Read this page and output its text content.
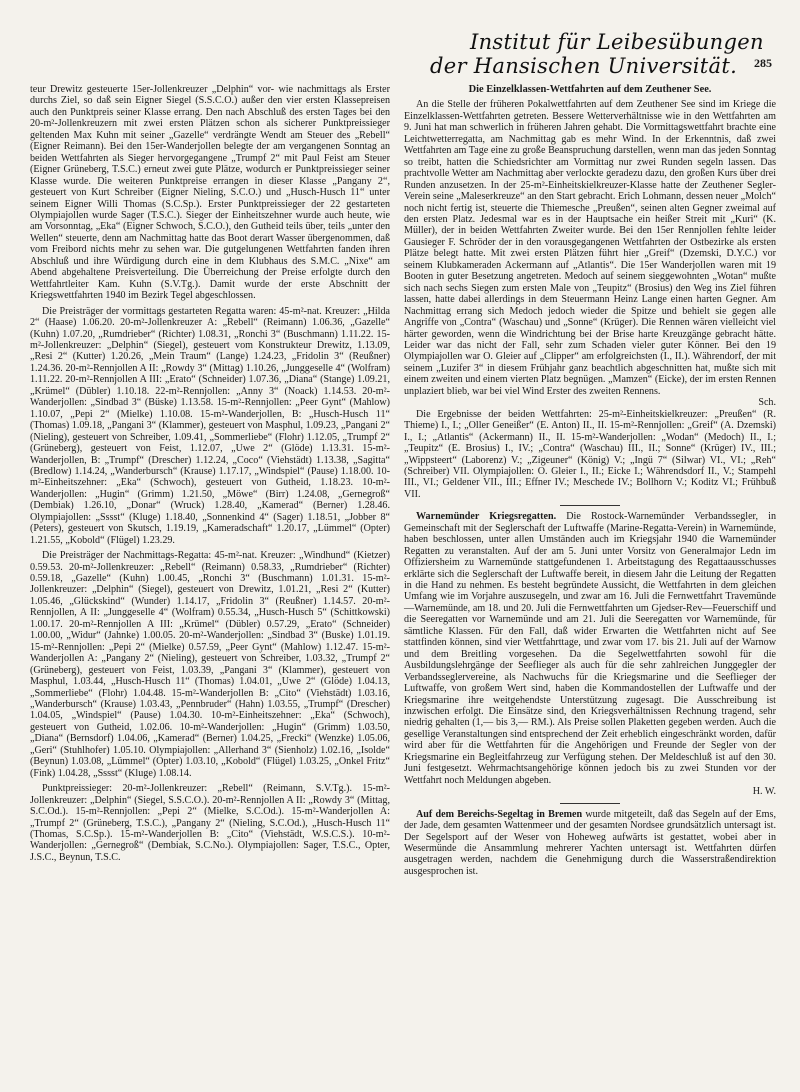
Institut für Leibesübungen
der Hansischen Universität. 285

teur Drewitz gesteuerte 15er-Jollenkreuzer „Delphin“ vor- wie nachmittags als Erster durchs Ziel, so daß sein Eigner Siegel (S.S.C.O.) außer den vier ersten Klassepreisen auch den Punktpreis seiner Klasse errang. Den nach Abschluß des ersten Tages bei den 20-m²-Jollenkreuzern mit zwei ersten Plätzen schon als sicherer Punktpreissieger geltenden Max Kuhn mit seiner „Gazelle“ verdrängte Wendt am Steuer des „Rebell“ (Eigner Reimann). Bei den 15er-Wanderjollen belegte der am vergangenen Sonntag an beiden Wettfahrten als Sieger hervorgegangene „Trumpf 2“ mit Paul Feist am Steuer (Eigner Grüneberg, T.S.C.) erneut zwei gute Plätze, wodurch er Punktpreissieger seiner Klasse wurde. Die weiteren Punktpreise errangen in dieser Klasse „Pangany 2“, gesteuert von Kurt Schreiber (Eigner Nieling, S.C.O.) und „Husch-Husch 11“ unter seinem Eigner Willi Thomas (S.C.Sp.). Erster Punktpreissieger der 22 gestarteten Olympiajollen wurde Sager (T.S.C.). Sieger der Einheitszehner wurde auch heute, wie am Vorsonntag, „Eka“ (Eigner Schwoch, S.C.O.), den Gutheid teils über, teils „unter den Wellen“ steuerte, denn am Nachmittag hatte das Boot derart Wasser übergenommen, daß vom Freibord nichts mehr zu sehen war. Die gutgelungenen Wettfahrten fanden ihren Abschluß und ihre Würdigung durch eine in dem Klubhaus des S.M.C. „Nixe“ am Abend abgehaltene Preisverteilung. Die Überreichung der Preise erfolgte durch den Wettfahrtleiter Kam. Kuhn (S.V.Tg.). Damit wurde der erste Abschnitt der Kriegswettfahrten 1940 im Bezirk Tegel abgeschlossen.

Die Preisträger der vormittags gestarteten Regatta waren: 45-m²-nat. Kreuzer: „Hilda 2“ (Haase) 1.06.20. 20-m²-Jollenkreuzer A: „Rebell“ (Reimann) 1.06.36, „Gazelle“ (Kuhn) 1.07.20, „Rumdrieber“ (Richter) 1.08.31, „Ronchi 3“ (Buschmann) 1.11.22. 15-m²-Jollenkreuzer: „Delphin“ (Siegel), gesteuert vom Konstrukteur Drewitz, 1.13.09, „Resi 2“ (Kutter) 1.20.26, „Mein Traum“ (Lange) 1.24.23, „Fridolin 3“ (Reußner) 1.24.36. 20-m²-Rennjollen A II: „Rowdy 3“ (Mittag) 1.10.26, „Junggeselle 4“ (Wolfram) 1.11.22. 20-m²-Rennjollen A III: „Erato“ (Schneider) 1.07.36, „Diana“ (Stange) 1.09.21, „Krümel“ (Dübler) 1.10.18. 22-m²-Rennjollen: „Anny 3“ (Noack) 1.14.53. 20-m²-Wanderjollen: „Sindbad 3“ (Büske) 1.13.58. 15-m²-Rennjollen: „Peer Gynt“ (Mahlow) 1.10.07, „Pepi 2“ (Mielke) 1.10.08. 15-m²-Wanderjollen, B: „Husch-Husch 11“ (Thomas) 1.09.18, „Pangani 3“ (Klammer), gesteuert von Masphul, 1.09.23, „Pangani 2“ (Nieling), gesteuert von Schreiber, 1.09.41, „Sommerliebe“ (Flohr) 1.12.05, „Trumpf 2“ (Grüneberg), gesteuert von Feist, 1.12.07, „Uwe 2“ (Glöde) 1.13.31. 15-m²-Wanderjollen, B: „Trumpf“ (Drescher) 1.12.24, „Coco“ (Viehstädt) 1.13.38, „Sagitta“ (Bredlow) 1.14.24, „Wanderbursch“ (Krause) 1.17.17, „Windspiel“ (Pause) 1.18.00. 10-m²-Einheitszehner: „Eka“ (Schwoch), gesteuert von Gutheid, 1.18.23. 10-m²-Wanderjollen: „Hugin“ (Grimm) 1.21.50, „Möwe“ (Birr) 1.24.08, „Gernegroß“ (Dembiak) 1.26.10, „Donar“ (Wruck) 1.28.40, „Kamerad“ (Berner) 1.28.46. Olympiajollen: „Sssst“ (Kluge) 1.18.40, „Sonnenkind 4“ (Sager) 1.18.51, „Jobber 8“ (Peters), gesteuert von Skutsch, 1.19.19, „Kameradschaft“ 1.20.17, „Lümmel“ (Opter) 1.21.55, „Kobold“ (Flügel) 1.23.29.

Die Preisträger der Nachmittags-Regatta: 45-m²-nat. Kreuzer: „Windhund“ (Kietzer) 0.59.53. 20-m²-Jollenkreuzer: „Rebell“ (Reimann) 0.58.33, „Rumdrieber“ (Richter) 0.59.18, „Gazelle“ (Kuhn) 1.00.45, „Ronchi 3“ (Buschmann) 1.01.31. 15-m²-Jollenkreuzer: „Delphin“ (Siegel), gesteuert von Drewitz, 1.01.21, „Resi 2“ (Kutter) 1.05.46, „Glückskind“ (Wunder) 1.14.17, „Fridolin 3“ (Reußner) 1.14.57. 20-m²-Rennjollen, A II: „Junggeselle 4“ (Wolfram) 0.55.34, „Husch-Husch 5“ (Schittkowski) 1.00.17. 20-m²-Rennjollen A III: „Krümel“ (Dübler) 0.57.29, „Erato“ (Schneider) 1.00.00, „Widur“ (Jahnke) 1.00.05. 20-m²-Wanderjollen: „Sindbad 3“ (Buske) 1.01.19. 15-m²-Rennjollen: „Pepi 2“ (Mielke) 0.57.59, „Peer Gynt“ (Mahlow) 1.12.47. 15-m²-Wanderjollen A: „Pangany 2“ (Nieling), gesteuert von Schreiber, 1.03.32, „Trumpf 2“ (Grüneberg), gesteuert von Feist, 1.03.39, „Pangani 3“ (Klammer), gesteuert von Masphul, 1.03.44, „Husch-Husch 11“ (Thomas) 1.04.01, „Uwe 2“ (Glöde) 1.04.13, „Sommerliebe“ (Flohr) 1.04.48. 15-m²-Wanderjollen B: „Cito“ (Viehstädt) 1.03.16, „Wanderbursch“ (Krause) 1.03.43, „Pennbruder“ (Hahn) 1.03.55, „Trumpf“ (Drescher) 1.04.05, „Windspiel“ (Pause) 1.04.30. 10-m²-Einheitszehner: „Eka“ (Schwoch), gesteuert von Gutheid, 1.02.06. 10-m²-Wanderjollen: „Hugin“ (Grimm) 1.03.50, „Diana“ (Bernsdorf) 1.04.06, „Kamerad“ (Berner) 1.04.25, „Frecki“ (Wenzke) 1.05.06, „Geri“ (Stuhlhofer) 1.05.10. Olympiajollen: „Allerhand 3“ (Sienholz) 1.02.16, „Isolde“ (Beynun) 1.03.08, „Lümmel“ (Opter) 1.03.10, „Kobold“ (Flügel) 1.03.25, „Onkel Fritz“ (Fink) 1.04.28, „Sssst“ (Kluge) 1.08.14.

Punktpreissieger: 20-m²-Jollenkreuzer: „Rebell“ (Reimann, S.V.Tg.). 15-m²-Jollenkreuzer: „Delphin“ (Siegel, S.S.C.O.). 20-m²-Rennjollen A II: „Rowdy 3“ (Mittag, S.C.Od.). 15-m²-Rennjollen: „Pepi 2“ (Mielke, S.C.Od.). 15-m²-Wanderjollen A: „Trumpf 2“ (Grüneberg, T.S.C.), „Pangany 2“ (Nieling, S.C.Od.), „Husch-Husch 11“ (Thomas, S.C.Sp.). 15-m²-Wanderjollen B: „Cito“ (Viehstädt, W.S.C.S.). 10-m²-Wanderjollen: „Gernegroß“ (Dembiak, S.C.No.). Olympiajollen: Sager, T.S.C., Opter, J.S.C., Beynun, T.S.C.

Die Einzelklassen-Wettfahrten auf dem Zeuthener See.

An die Stelle der früheren Pokalwettfahrten auf dem Zeuthener See sind im Kriege die Einzelklassen-Wettfahrten getreten. Bessere Wetterverhältnisse wie in den Wettfahrten am 9. Juni hat man schwerlich in früheren Jahren gehabt. Die Vormittagswettfahrt brachte eine Leichtwetterregatta, am Nachmittag gab es mehr Wind. In der Erkenntnis, daß zwei Wettfahrten am Tage eine zu große Beanspruchung darstellen, wenn man das jeden Sonntag so treibt, hatten die Schiedsrichter am Vormittag nur zwei Runden segeln lassen. Das prachtvolle Wetter am Nachmittag aber verlockte geradezu dazu, den großen Kurs über drei Runden anzusetzen. In der 25-m²-Einheitskielkreuzer-Klasse hatte der Zeuthener Segler-Verein seine „Maleserkreuze“ an den Start gebracht. Erich Lohmann, dessen neuer „Molch“ noch nicht fertig ist, steuerte die Thiemesche „Preußen“, seinen alten Gegner zweimal auf den ersten Platz. Jedesmal war es in der Hauptsache ein heißer Streit mit „Kuri“ (K. Müller), der in beiden Wettfahrten Zweiter wurde. Bei den 15er Rennjollen fehlte leider Gausieger F. Schröder der in den vorausgegangenen Wettfahrten der Ostbezirke als ersten Plätze belegt hatte. Mit zwei ersten Plätzen führt hier „Greif“ (Dzemski, D.Y.C.) vor seinem Klubkameraden Ackermann auf „Atlantis“. Die 15er Wanderjollen waren mit 19 Booten in guter Besetzung angetreten. Medoch auf seinem sieggewohnten „Wotan“ mußte sich nach sechs Siegen zum ersten Male von „Teupitz“ (Brosius) den Weg ins Ziel führen lassen, hatte dabei allerdings in dem Steuermann Heinz Lange einen harten Gegner. Am Nachmittag errang sich Medoch jedoch wieder die Spitze und behielt sie gegen alle Angriffe von „Contra“ (Waschau) und „Sonne“ (Krüger). Die Rennen wären vielleicht viel härter geworden, wenn die Windrichtung bei der Brise harte Kreuzgänge gebracht hätte. Leider war das nicht der Fall, sehr zum Schaden vieler guter Könner. Bei den 19 Olympiajollen war O. Gleier auf „Clipper“ am erfolgreichsten (I., II.). Währendorf, der mit seinem „Luzifer 3“ in diesem Frühjahr ganz beachtlich abgeschnitten hat, mußte sich mit einem zweiten und einem vierten Platz begnügen. „Mamzen“ (Eicke), der im ersten Rennen unplaziert blieb, war bei viel Wind Erster des zweiten Rennens.

Sch.

Die Ergebnisse der beiden Wettfahrten: 25-m²-Einheitskielkreuzer: „Preußen“ (R. Thieme) I., I.; „Oller Geneißer“ (E. Anton) II., II. 15-m²-Rennjollen: „Greif“ (A. Dzemski) I., I.; „Atlantis“ (Ackermann) II., II. 15-m²-Wanderjollen: „Wodan“ (Medoch) II., I.; „Teupitz“ (E. Brosius) I., IV.; „Contra“ (Waschau) III., II.; Sonne“ (Krüger) IV., III.; „Wippsteert“ (Laborenz) V.; „Zigeuner“ (König) V.; „Ingü 7“ (Silwar) VI., VI.; „Reh“ (Schreiber) VII. Olympiajollen: O. Gleier I., II.; Eicke I.; Währendsdorf II., V.; Stampehl III., VI.; Geldener VII., III.; Effner IV.; Meschede IV.; Bollhorn V.; Koditz VI.; Frühbuß VII.

Warnemünder Kriegsregatten. Die Rostock-Warnemünder Verbandssegler, in Gemeinschaft mit der Seglerschaft der Luftwaffe (Marine-Regatta-Verein) in Warnemünde, haben beschlossen, unter allen Umständen auch im Kriegsjahr 1940 die Warnemünder Regatten zu veranstalten. Auf der am 5. Juni unter Vorsitz von Generalmajor Ledn im Offiziersheim zu Warnemünde stattgefundenen 1. Arbeitstagung des Regattaausschusses erklärte sich die Seglerschaft der Luftwaffe bereit, in diesem Jahr die Leitung der Regatten in die Hand zu nehmen. Es besteht begründete Aussicht, die Wettfahrten in dem gleichen Umfang wie im Vorjahre auszusegeln, und zwar am 16. Juli die Fernwettfahrt Travemünde—Warnemünde, am 18. und 20. Juli die Fernwettfahrten um Gjedser-Rev—Feuerschiff und die Seeregatten vor Warnemünde und am 21. Juli die Seeregatten vor Warnemünde, für sämtliche Klassen. Für den Fall, daß wider Erwarten die Wettfahrten nicht auf See stattfinden können, sind vier Wettfahrttage, und zwar vom 17. bis 21. Juli auf der Warnow und dem Breitling vorgesehen. Da die Segelwettfahrten sowohl für die Ausbildungslehrgänge der Seeflieger als auch für die sehr zahlreichen Junggegler der Verbandsseglervereine, als Nachwuchs für die Kriegsmarine und die Seeflieger der Luftwaffe, von großem Wert sind, haben die Kommandostellen der Luftwaffe und der Kriegsmarine ihre weitgehendste Unterstützung zugesagt. Die Ausschreibung ist inzwischen erfolgt. Die Einsätze sind, den Kriegsverhältnissen Rechnung tragend, sehr niedrig gehalten (1,— bis 3,— RM.). Als Preise sollen Plaketten gegeben werden. Auch die gesellige Veranstaltungen sind entsprechend der Zeit erheblich eingeschränkt worden, dafür wird aber für die Wettfahrten für die Angehörigen und Freunde der Segler von der Kriegsmarine ein Begleitfahrzeug zur Verfügung stehen. Der Meldeschluß ist auf den 30. Juni festgesetzt. Wehrmachtsangehörige können jedoch bis zu zwei Stunden vor der Wettfahrt noch Meldungen abgeben.

H. W.

Auf dem Bereichs-Segeltag in Bremen wurde mitgeteilt, daß das Segeln auf der Ems, der Jade, dem gesamten Wattenmeer und der gesamten Nordsee grundsätzlich untersagt ist. Der Segelsport auf der Weser von Hoheweg aufwärts ist gestattet, wobei aber in Wesermünde die Ansammlung mehrerer Yachten untersagt ist. Wettfahrten dürfen ausgetragen werden, nachdem die Genehmigung durch die Wasserstraßendirektion ausgesprochen ist.
